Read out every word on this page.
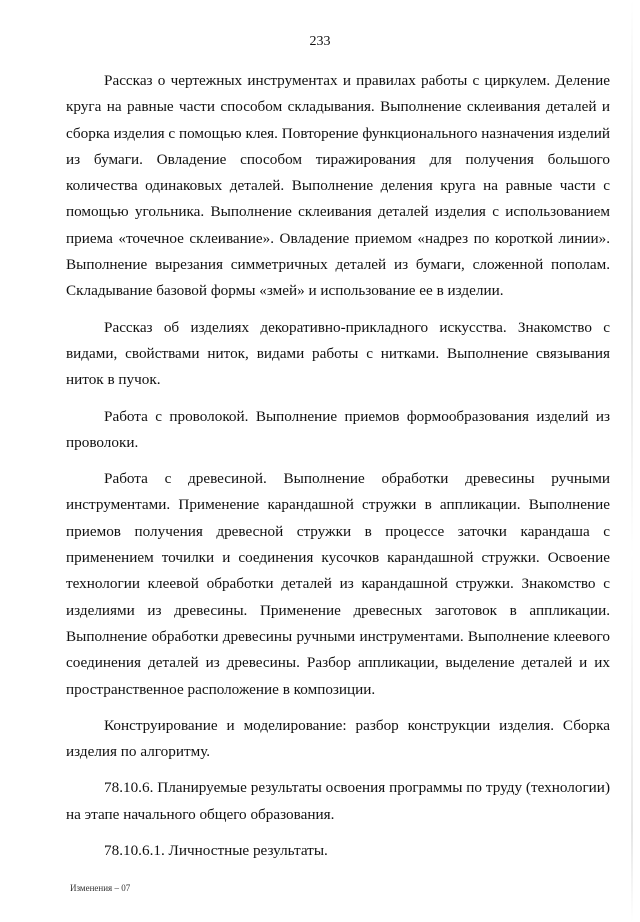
233

Рассказ о чертежных инструментах и правилах работы с циркулем. Деление круга на равные части способом складывания. Выполнение склеивания деталей и сборка изделия с помощью клея. Повторение функционального назначения изделий из бумаги. Овладение способом тиражирования для получения большого количества одинаковых деталей. Выполнение деления круга на равные части с помощью угольника. Выполнение склеивания деталей изделия с использованием приема «точечное склеивание». Овладение приемом «надрез по короткой линии». Выполнение вырезания симметричных деталей из бумаги, сложенной пополам. Складывание базовой формы «змей» и использование ее в изделии.

Рассказ об изделиях декоративно-прикладного искусства. Знакомство с видами, свойствами ниток, видами работы с нитками. Выполнение связывания ниток в пучок.

Работа с проволокой. Выполнение приемов формообразования изделий из проволоки.

Работа с древесиной. Выполнение обработки древесины ручными инструментами. Применение карандашной стружки в аппликации. Выполнение приемов получения древесной стружки в процессе заточки карандаша с применением точилки и соединения кусочков карандашной стружки. Освоение технологии клеевой обработки деталей из карандашной стружки. Знакомство с изделиями из древесины. Применение древесных заготовок в аппликации. Выполнение обработки древесины ручными инструментами. Выполнение клеевого соединения деталей из древесины. Разбор аппликации, выделение деталей и их пространственное расположение в композиции.

Конструирование и моделирование: разбор конструкции изделия. Сборка изделия по алгоритму.

78.10.6. Планируемые результаты освоения программы по труду (технологии) на этапе начального общего образования.

78.10.6.1. Личностные результаты.

Изменения – 07
